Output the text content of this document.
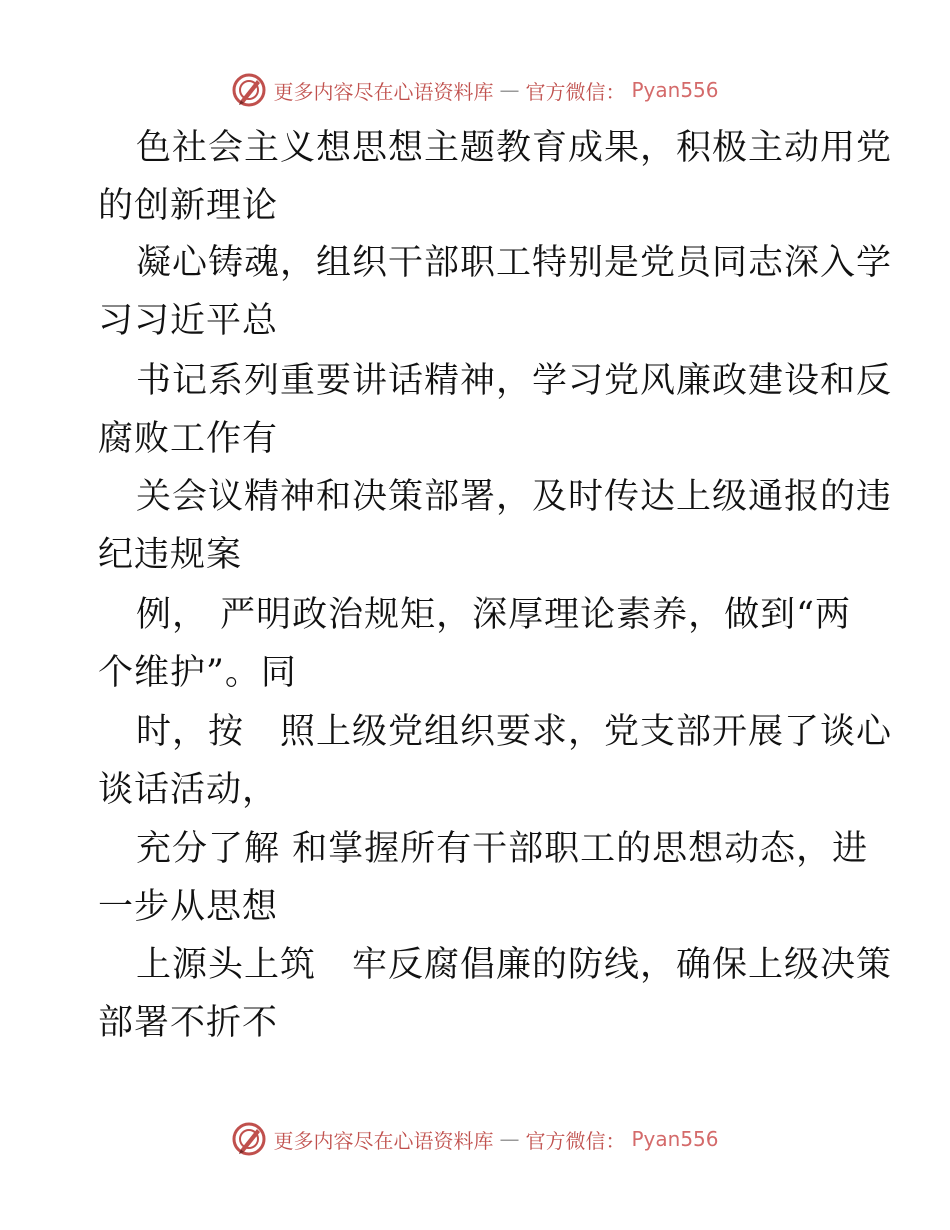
更多内容尽在心语资料库 — 官方微信： Pyan556
色社会主义想思想主题教育成果，积极主动用党
的创新理论
凝心铸魂，组织干部职工特别是党员同志深入学
习习近平总
书记系列重要讲话精神，学习党风廉政建设和反
腐败工作有
关会议精神和决策部署，及时传达上级通报的违
纪违规案
例， 严明政治规矩，深厚理论素养，做到“两
个维护”。同
时，按　照上级党组织要求，党支部开展了谈心
谈话活动，
充分了解 和掌握所有干部职工的思想动态，进
一步从思想
上源头上筑　牢反腐倡廉的防线，确保上级决策
部署不折不
更多内容尽在心语资料库 — 官方微信： Pyan556
